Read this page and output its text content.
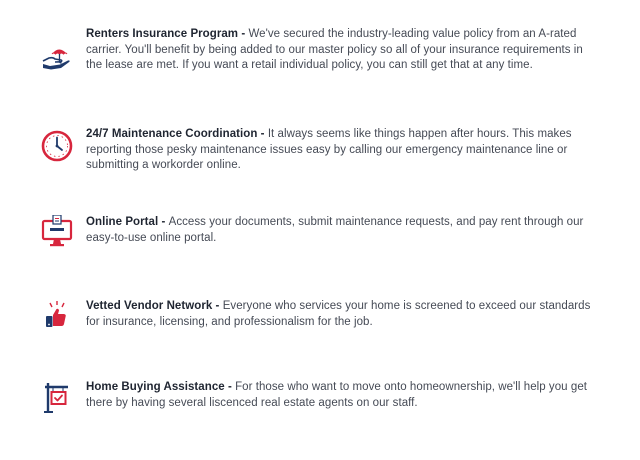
Renters Insurance Program - We've secured the industry-leading value policy from an A-rated carrier. You'll benefit by being added to our master policy so all of your insurance requirements in the lease are met. If you want a retail individual policy, you can still get that at any time.
24/7 Maintenance Coordination - It always seems like things happen after hours. This makes reporting those pesky maintenance issues easy by calling our emergency maintenance line or submitting a workorder online.
Online Portal - Access your documents, submit maintenance requests, and pay rent through our easy-to-use online portal.
Vetted Vendor Network - Everyone who services your home is screened to exceed our standards for insurance, licensing, and professionalism for the job.
Home Buying Assistance - For those who want to move onto homeownership, we'll help you get there by having several liscenced real estate agents on our staff.
